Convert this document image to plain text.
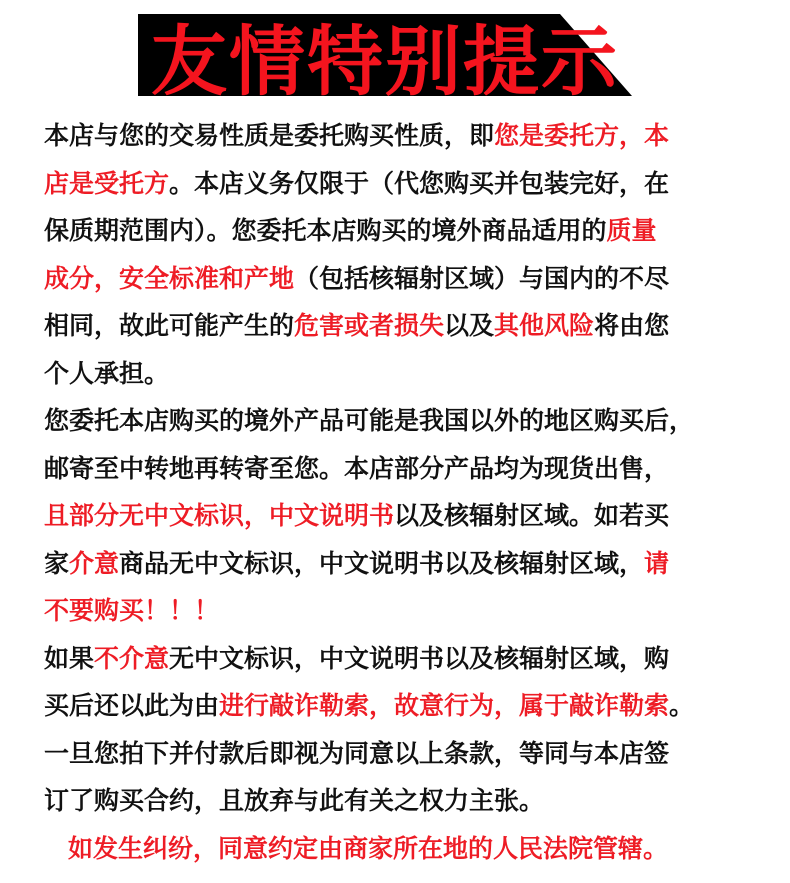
友情特别提示
本店与您的交易性质是委托购买性质，即您是委托方，本
店是受托方。本店义务仅限于（代您购买并包装完好，在
保质期范围内）。您委托本店购买的境外商品适用的质量
成分，安全标准和产地（包括核辐射区域）与国内的不尽
相同，故此可能产生的危害或者损失以及其他风险将由您
个人承担。
您委托本店购买的境外产品可能是我国以外的地区购买后，
邮寄至中转地再转寄至您。本店部分产品均为现货出售，
且部分无中文标识，中文说明书以及核辐射区域。如若买
家介意商品无中文标识，中文说明书以及核辐射区域，请
不要购买！！！
如果不介意无中文标识，中文说明书以及核辐射区域，购
买后还以此为由进行敲诈勒索，故意行为，属于敲诈勒索。
一旦您拍下并付款后即视为同意以上条款，等同与本店签
订了购买合约，且放弃与此有关之权力主张。
如发生纠纷，同意约定由商家所在地的人民法院管辖。
